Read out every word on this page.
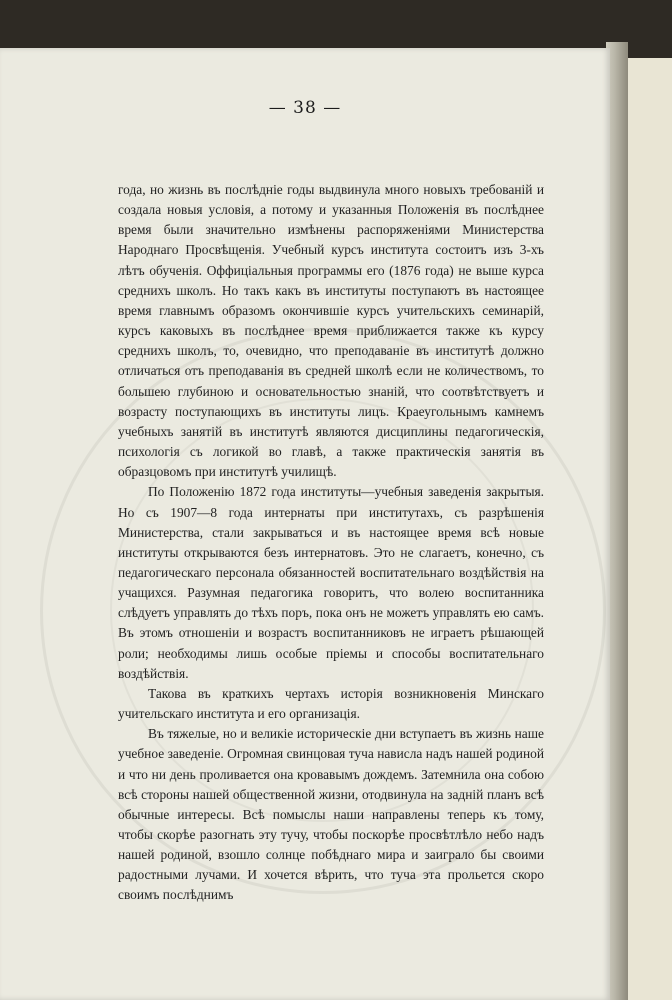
— 38 —

года, но жизнь въ послѣднiе годы выдвинула много новыхъ требованiй и создала новыя условiя, а потому и указанныя Положенiя въ послѣднее время были значительно измѣнены распоряженiями Министерства Народнаго Просвѣщенiя. Учебный курсъ института состоитъ изъ 3-хъ лѣтъ обученiя. Оффицiальныя программы его (1876 года) не выше курса среднихъ школъ. Но такъ какъ въ институты поступаютъ въ настоящее время главнымъ образомъ окончившiе курсъ учительскихъ семинарiй, курсъ каковыхъ въ послѣднее время приближается также къ курсу среднихъ школъ, то, очевидно, что преподаванiе въ институтѣ должно отличаться отъ преподаванiя въ средней школѣ если не количествомъ, то большею глубиною и основательностью знанiй, что соотвѣтствуетъ и возрасту поступающихъ въ институты лицъ. Краеугольнымъ камнемъ учебныхъ занятiй въ институтѣ являются дисциплины педагогическiя, психологiя съ логикой во главѣ, а также практическiя занятiя въ образцовомъ при институтѣ училищѣ.

По Положенiю 1872 года институты—учебныя заведенiя закрытыя. Но съ 1907—8 года интернаты при институтахъ, съ разрѣшенiя Министерства, стали закрываться и въ настоящее время всѣ новые институты открываются безъ интернатовъ. Это не слагаетъ, конечно, съ педагогическаго персонала обязанностей воспитательнаго воздѣйствiя на учащихся. Разумная педагогика говоритъ, что волею воспитанника слѣдуетъ управлять до тѣхъ поръ, пока онъ не можетъ управлять ею самъ. Въ этомъ отношенiи и возрастъ воспитанниковъ не играетъ рѣшающей роли; необходимы лишь особые прiемы и способы воспитательнаго воздѣйствiя.

Такова въ краткихъ чертахъ исторiя возникновенiя Минскаго учительскаго института и его организацiя.

Въ тяжелые, но и великiе историческiе дни вступаетъ въ жизнь наше учебное заведенiе. Огромная свинцовая туча нависла надъ нашей родиной и что ни день проливается она кровавымъ дождемъ. Затемнила она собою всѣ стороны нашей общественной жизни, отодвинула на заднiй планъ всѣ обычные интересы. Всѣ помыслы наши направлены теперь къ тому, чтобы скорѣе разогнать эту тучу, чтобы поскорѣе просвѣтлѣло небо надъ нашей родиной, взошло солнце побѣднаго мира и заиграло бы своими радостными лучами. И хочется вѣрить, что туча эта прольется скоро своимъ послѣднимъ
